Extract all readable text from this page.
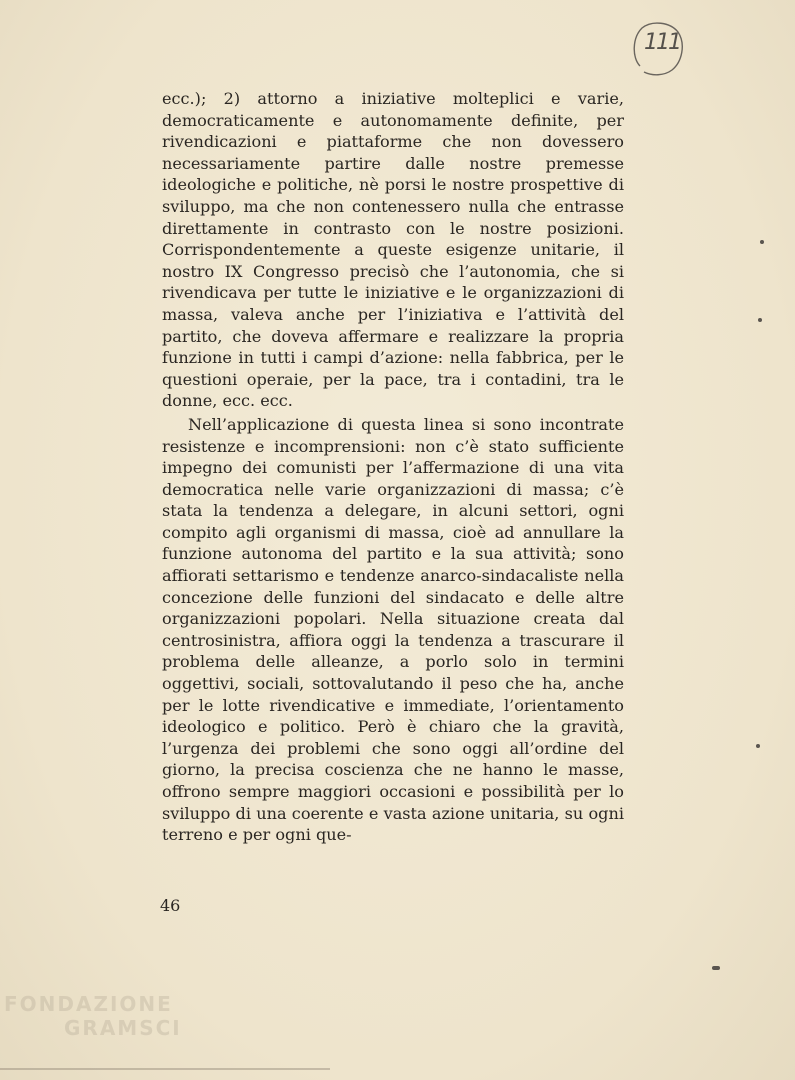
111

ecc.); 2) attorno a iniziative molteplici e varie, democraticamente e autonomamente definite, per rivendicazioni e piattaforme che non dovessero necessariamente partire dalle nostre premesse ideologiche e politiche, nè porsi le nostre prospettive di sviluppo, ma che non contenessero nulla che entrasse direttamente in contrasto con le nostre posizioni. Corrispondentemente a queste esigenze unitarie, il nostro IX Congresso precisò che l’autonomia, che si rivendicava per tutte le iniziative e le organizzazioni di massa, valeva anche per l’iniziativa e l’attività del partito, che doveva affermare e realizzare la propria funzione in tutti i campi d’azione: nella fabbrica, per le questioni operaie, per la pace, tra i contadini, tra le donne, ecc. ecc.

Nell’applicazione di questa linea si sono incontrate resistenze e incomprensioni: non c’è stato sufficiente impegno dei comunisti per l’affermazione di una vita democratica nelle varie organizzazioni di massa; c’è stata la tendenza a delegare, in alcuni settori, ogni compito agli organismi di massa, cioè ad annullare la funzione autonoma del partito e la sua attività; sono affiorati settarismo e tendenze anarco-sindacaliste nella concezione delle funzioni del sindacato e delle altre organizzazioni popolari. Nella situazione creata dal centrosinistra, affiora oggi la tendenza a trascurare il problema delle alleanze, a porlo solo in termini oggettivi, sociali, sottovalutando il peso che ha, anche per le lotte rivendicative e immediate, l’orientamento ideologico e politico. Però è chiaro che la gravità, l’urgenza dei problemi che sono oggi all’ordine del giorno, la precisa coscienza che ne hanno le masse, offrono sempre maggiori occasioni e possibilità per lo sviluppo di una coerente e vasta azione unitaria, su ogni terreno e per ogni que-

46
FONDAZIONE
GRAMSCI
